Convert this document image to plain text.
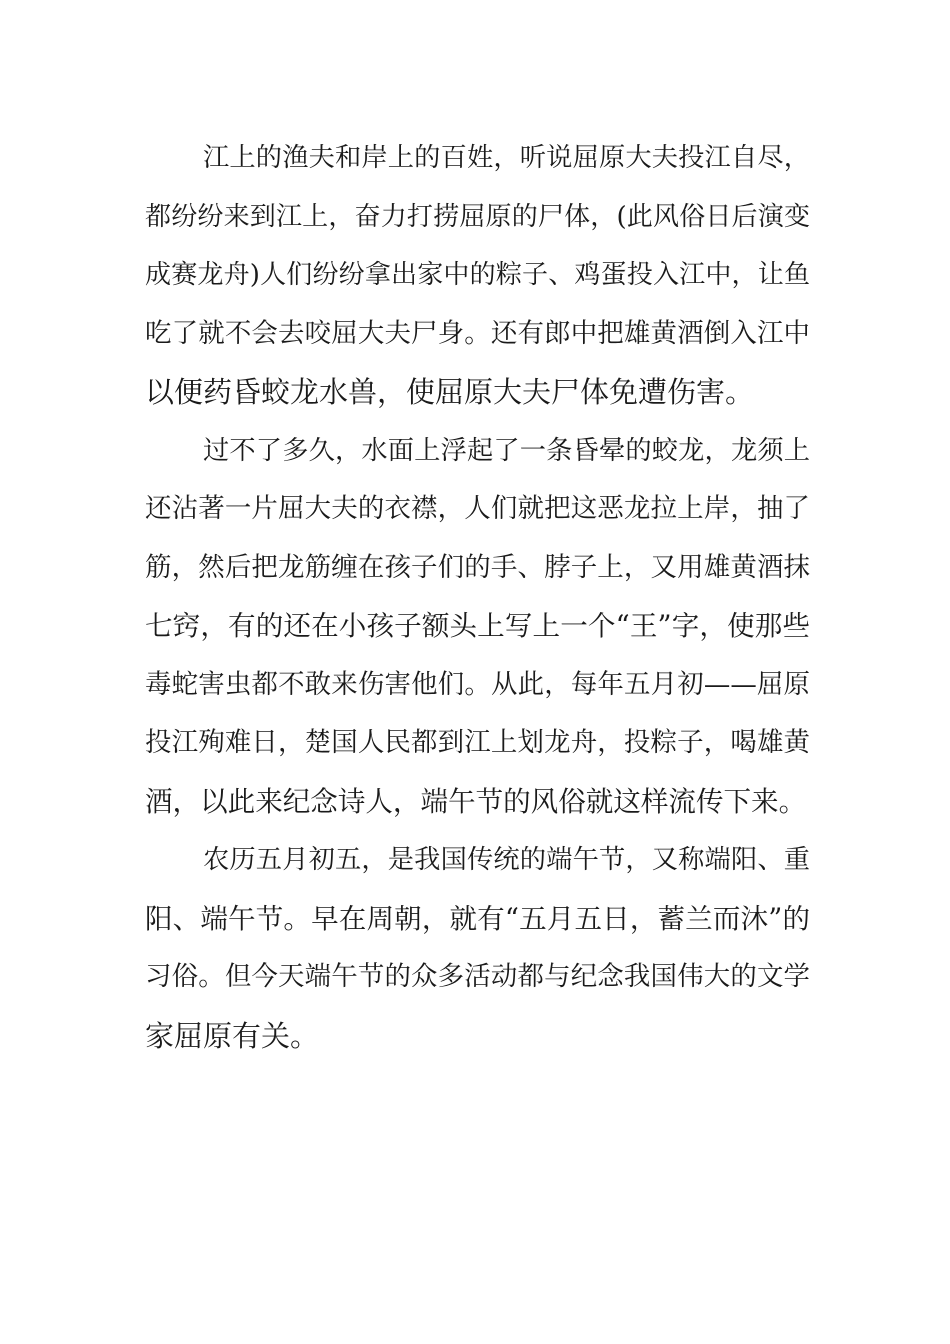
江上的渔夫和岸上的百姓，听说屈原大夫投江自尽，
都纷纷来到江上，奋力打捞屈原的尸体，(此风俗日后演变
成赛龙舟)人们纷纷拿出家中的粽子、鸡蛋投入江中，让鱼
吃了就不会去咬屈大夫尸身。还有郎中把雄黄酒倒入江中
以便药昏蛟龙水兽，使屈原大夫尸体免遭伤害。
过不了多久，水面上浮起了一条昏晕的蛟龙，龙须上
还沾著一片屈大夫的衣襟，人们就把这恶龙拉上岸，抽了
筋，然后把龙筋缠在孩子们的手、脖子上，又用雄黄酒抹
七窍，有的还在小孩子额头上写上一个“王”字，使那些
毒蛇害虫都不敢来伤害他们。从此，每年五月初——屈原
投江殉难日，楚国人民都到江上划龙舟，投粽子，喝雄黄
酒，以此来纪念诗人，端午节的风俗就这样流传下来。
农历五月初五，是我国传统的端午节，又称端阳、重
阳、端午节。早在周朝，就有“五月五日，蓄兰而沐”的
习俗。但今天端午节的众多活动都与纪念我国伟大的文学
家屈原有关。
